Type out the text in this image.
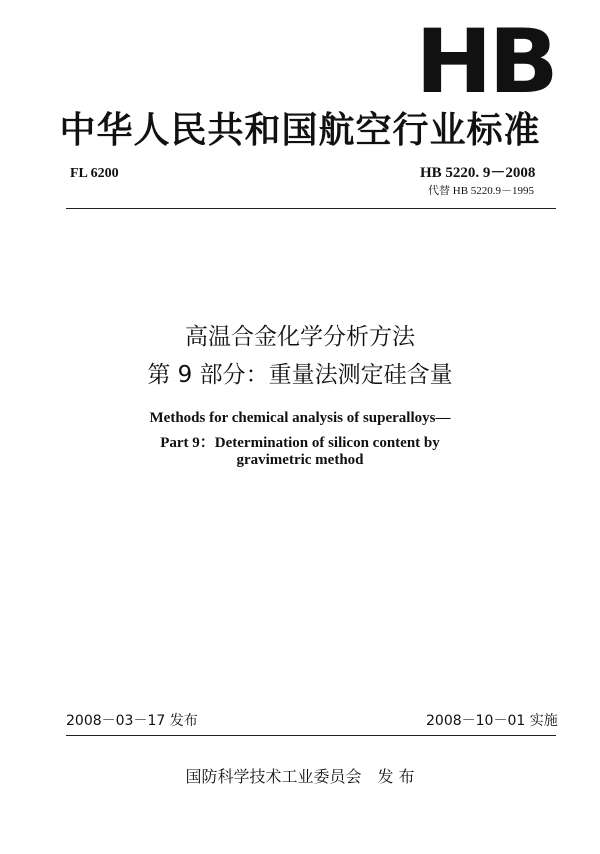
HB
中华人民共和国航空行业标准
FL 6200	HB 5220. 9－2008
代替 HB 5220.9－1995
高温合金化学分析方法
第 9 部分：重量法测定硅含量
Methods for chemical analysis of superalloys—
Part 9：Determination of silicon content by
gravimetric method
2008－03－17 发布	2008－10－01 实施
国防科学技术工业委员会　发 布
